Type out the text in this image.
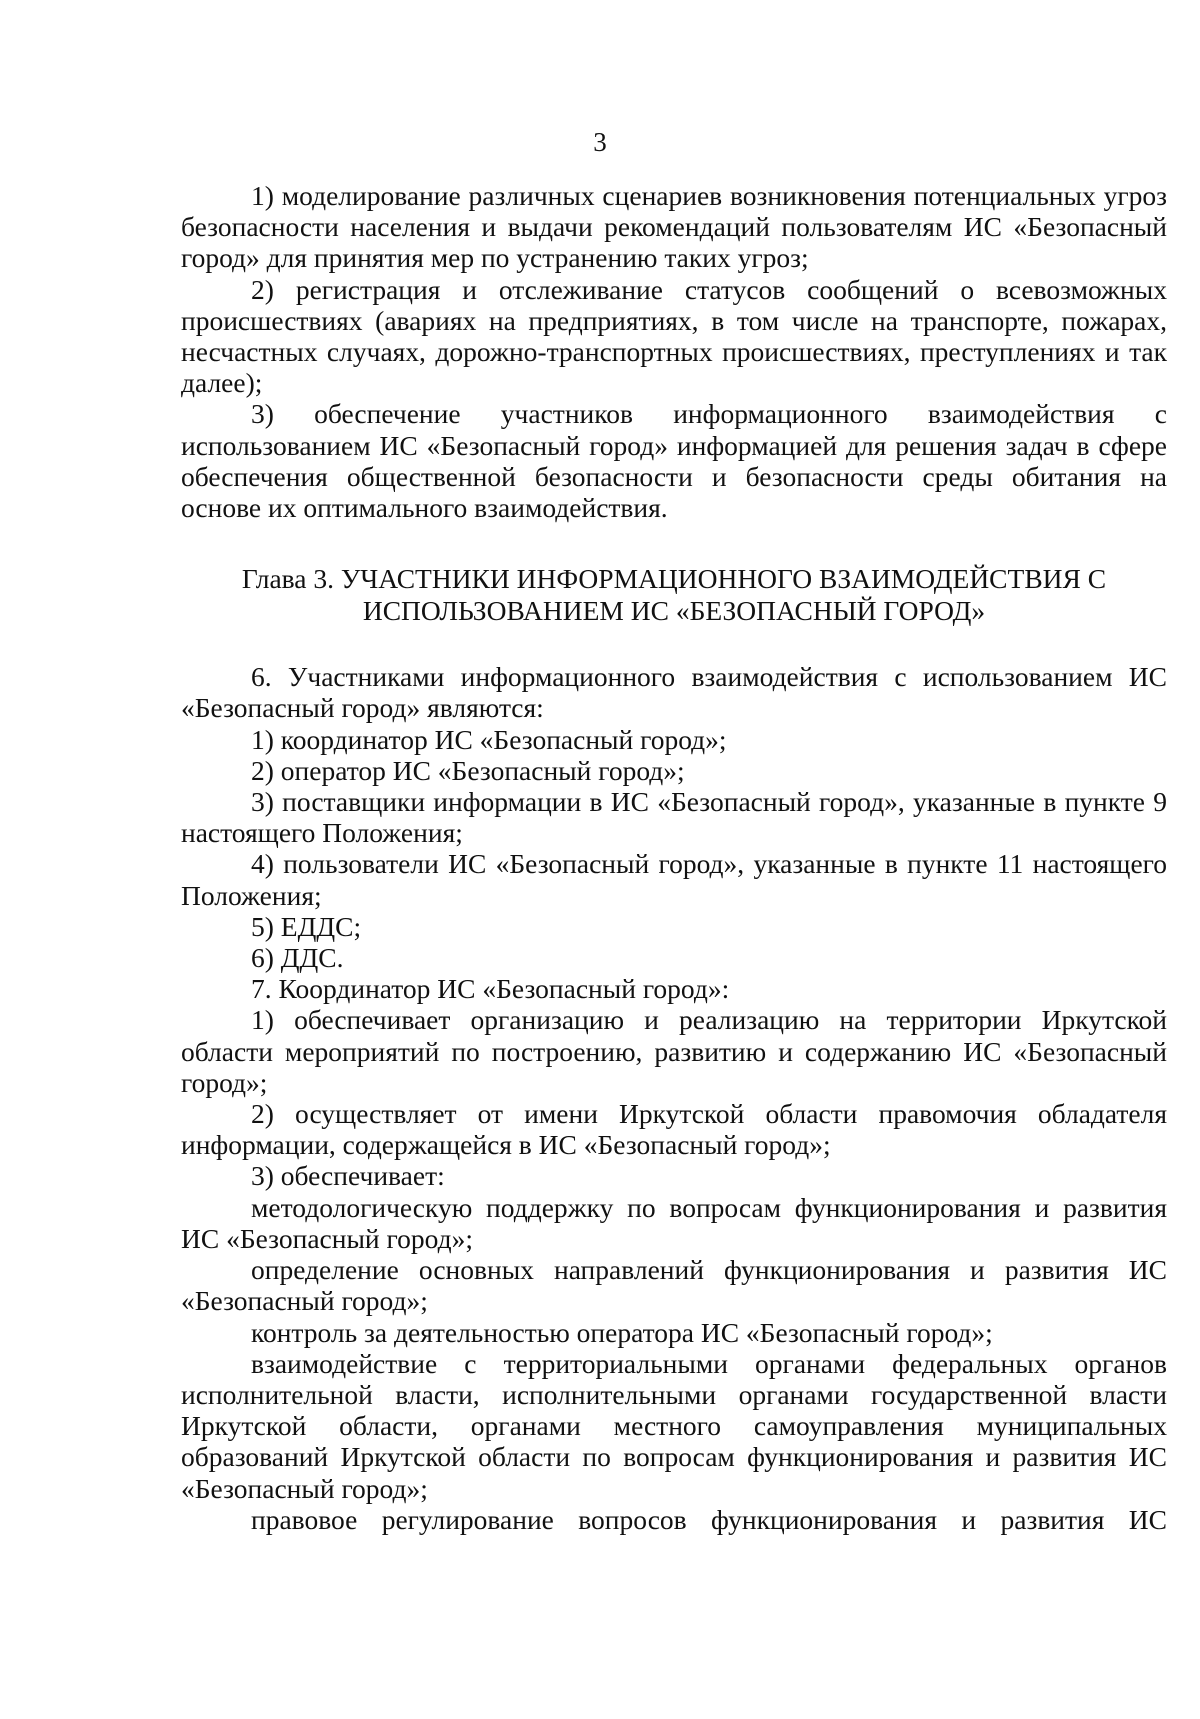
3

1) моделирование различных сценариев возникновения потенциальных угроз безопасности населения и выдачи рекомендаций пользователям ИС «Безопасный город» для принятия мер по устранению таких угроз;

2) регистрация и отслеживание статусов сообщений о всевозможных происшествиях (авариях на предприятиях, в том числе на транспорте, пожарах, несчастных случаях, дорожно-транспортных происшествиях, преступлениях и так далее);

3) обеспечение участников информационного взаимодействия с использованием ИС «Безопасный город» информацией для решения задач в сфере обеспечения общественной безопасности и безопасности среды обитания на основе их оптимального взаимодействия.

Глава 3. УЧАСТНИКИ ИНФОРМАЦИОННОГО ВЗАИМОДЕЙСТВИЯ С
ИСПОЛЬЗОВАНИЕМ ИС «БЕЗОПАСНЫЙ ГОРОД»

6. Участниками информационного взаимодействия с использованием ИС «Безопасный город» являются:

1) координатор ИС «Безопасный город»;

2) оператор ИС «Безопасный город»;

3) поставщики информации в ИС «Безопасный город», указанные в пункте 9 настоящего Положения;

4) пользователи ИС «Безопасный город», указанные в пункте 11 настоящего Положения;

5) ЕДДС;

6) ДДС.

7. Координатор ИС «Безопасный город»:

1) обеспечивает организацию и реализацию на территории Иркутской области мероприятий по построению, развитию и содержанию ИС «Безопасный город»;

2) осуществляет от имени Иркутской области правомочия обладателя информации, содержащейся в ИС «Безопасный город»;

3) обеспечивает:

методологическую поддержку по вопросам функционирования и развития ИС «Безопасный город»;

определение основных направлений функционирования и развития ИС «Безопасный город»;

контроль за деятельностью оператора ИС «Безопасный город»;

взаимодействие с территориальными органами федеральных органов исполнительной власти, исполнительными органами государственной власти Иркутской области, органами местного самоуправления муниципальных образований Иркутской области по вопросам функционирования и развития ИС «Безопасный город»;

правовое регулирование вопросов функционирования и развития ИС
